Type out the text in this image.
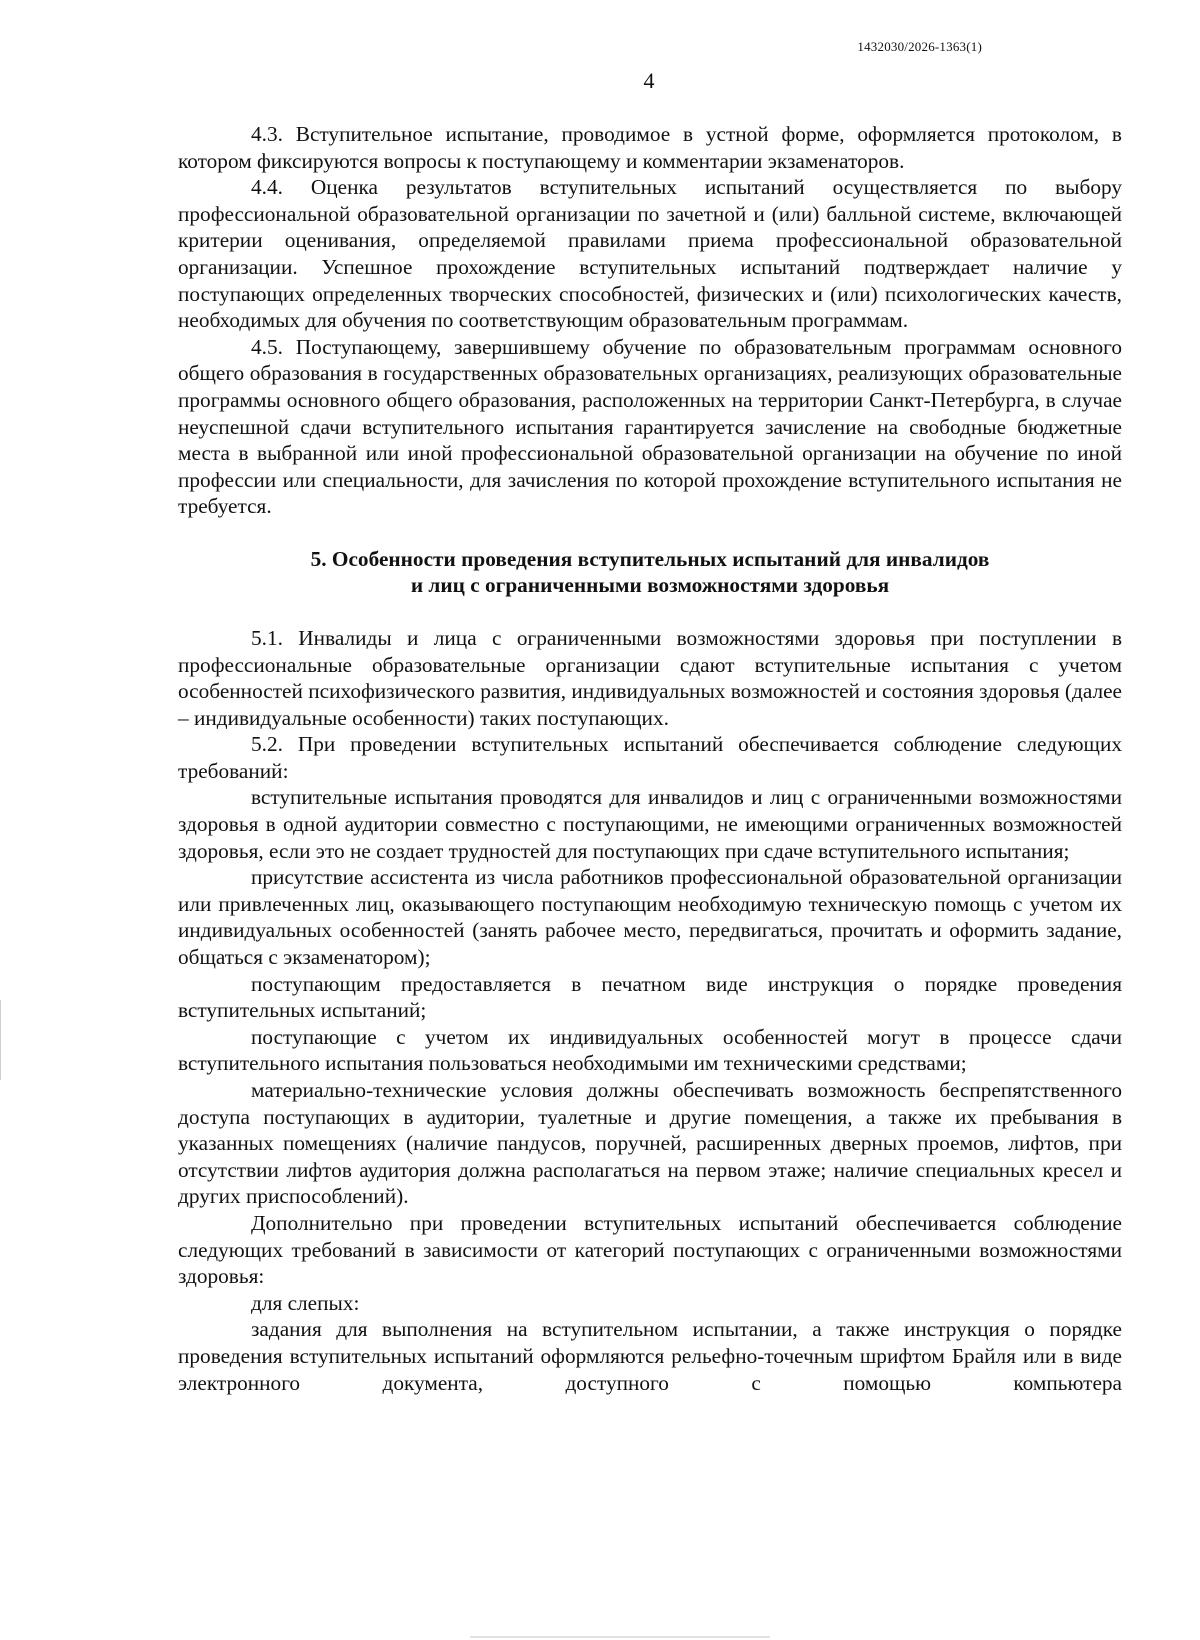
1432030/2026-1363(1)
4

4.3. Вступительное испытание, проводимое в устной форме, оформляется протоколом, в котором фиксируются вопросы к поступающему и комментарии экзаменаторов.

4.4. Оценка результатов вступительных испытаний осуществляется по выбору профессиональной образовательной организации по зачетной и (или) балльной системе, включающей критерии оценивания, определяемой правилами приема профессиональной образовательной организации. Успешное прохождение вступительных испытаний подтверждает наличие у поступающих определенных творческих способностей, физических и (или) психологических качеств, необходимых для обучения по соответствующим образовательным программам.

4.5. Поступающему, завершившему обучение по образовательным программам основного общего образования в государственных образовательных организациях, реализующих образовательные программы основного общего образования, расположенных на территории Санкт-Петербурга, в случае неуспешной сдачи вступительного испытания гарантируется зачисление на свободные бюджетные места в выбранной или иной профессиональной образовательной организации на обучение по иной профессии или специальности, для зачисления по которой прохождение вступительного испытания не требуется.

5. Особенности проведения вступительных испытаний для инвалидов
и лиц с ограниченными возможностями здоровья

5.1. Инвалиды и лица с ограниченными возможностями здоровья при поступлении в профессиональные образовательные организации сдают вступительные испытания с учетом особенностей психофизического развития, индивидуальных возможностей и состояния здоровья (далее – индивидуальные особенности) таких поступающих.

5.2. При проведении вступительных испытаний обеспечивается соблюдение следующих требований:

вступительные испытания проводятся для инвалидов и лиц с ограниченными возможностями здоровья в одной аудитории совместно с поступающими, не имеющими ограниченных возможностей здоровья, если это не создает трудностей для поступающих при сдаче вступительного испытания;

присутствие ассистента из числа работников профессиональной образовательной организации или привлеченных лиц, оказывающего поступающим необходимую техническую помощь с учетом их индивидуальных особенностей (занять рабочее место, передвигаться, прочитать и оформить задание, общаться с экзаменатором);

поступающим предоставляется в печатном виде инструкция о порядке проведения вступительных испытаний;

поступающие с учетом их индивидуальных особенностей могут в процессе сдачи вступительного испытания пользоваться необходимыми им техническими средствами;

материально-технические условия должны обеспечивать возможность беспрепятственного доступа поступающих в аудитории, туалетные и другие помещения, а также их пребывания в указанных помещениях (наличие пандусов, поручней, расширенных дверных проемов, лифтов, при отсутствии лифтов аудитория должна располагаться на первом этаже; наличие специальных кресел и других приспособлений).

Дополнительно при проведении вступительных испытаний обеспечивается соблюдение следующих требований в зависимости от категорий поступающих с ограниченными возможностями здоровья:

для слепых:

задания для выполнения на вступительном испытании, а также инструкция о порядке проведения вступительных испытаний оформляются рельефно-точечным шрифтом Брайля или в виде электронного документа, доступного с помощью компьютера
